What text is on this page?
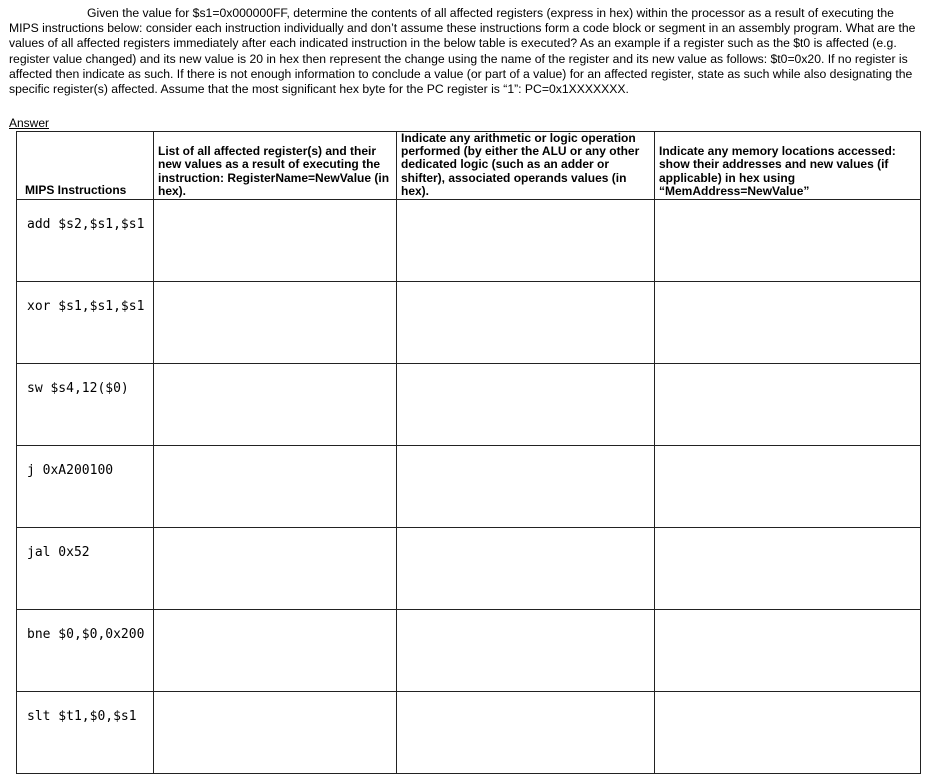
Given the value for $s1=0x000000FF, determine the contents of all affected registers (express in hex) within the processor as a result of executing the MIPS instructions below: consider each instruction individually and don’t assume these instructions form a code block or segment in an assembly program. What are the values of all affected registers immediately after each indicated instruction in the below table is executed? As an example if a register such as the $t0 is affected (e.g. register value changed) and its new value is 20 in hex then represent the change using the name of the register and its new value as follows: $t0=0x20. If no register is affected then indicate as such. If there is not enough information to conclude a value (or part of a value) for an affected register, state as such while also designating the specific register(s) affected. Assume that the most significant hex byte for the PC register is “1”: PC=0x1XXXXXXX.

Answer
MIPS Instructions	List of all affected register(s) and their new values as a result of executing the instruction: RegisterName=NewValue (in hex).	Indicate any arithmetic or logic operation performed (by either the ALU or any other dedicated logic (such as an adder or shifter), associated operands values (in hex).	Indicate any memory locations accessed: show their addresses and new values (if applicable) in hex using “MemAddress=NewValue”
add $s2,$s1,$s1			
xor $s1,$s1,$s1			
sw $s4,12($0)			
j 0xA200100			
jal 0x52			
bne $0,$0,0x200			
slt $t1,$0,$s1			
